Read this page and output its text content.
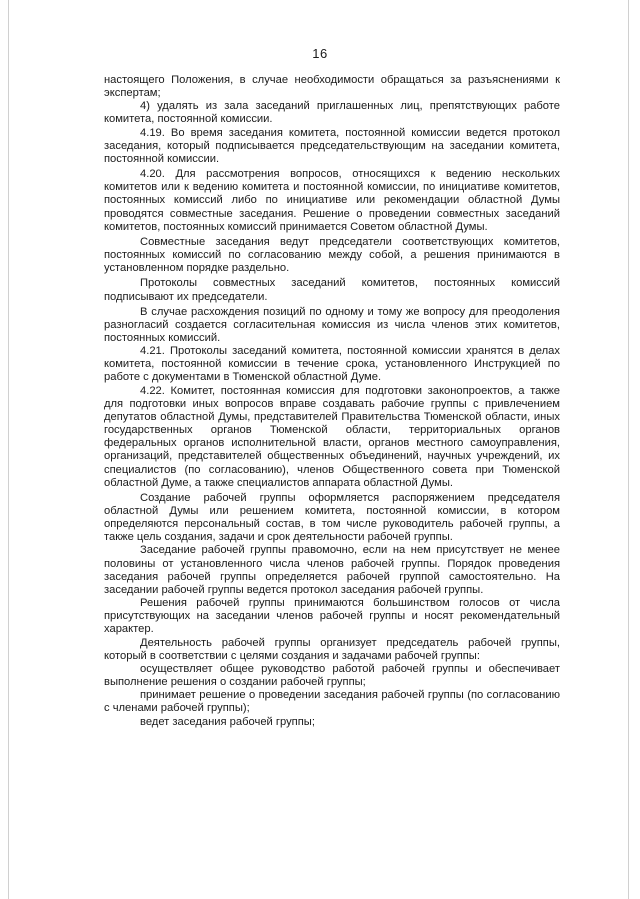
16

настоящего Положения, в случае необходимости обращаться за разъяснениями к экспертам;

4) удалять из зала заседаний приглашенных лиц, препятствующих работе комитета, постоянной комиссии.

4.19. Во время заседания комитета, постоянной комиссии ведется протокол заседания, который подписывается председательствующим на заседании комитета, постоянной комиссии.

4.20. Для рассмотрения вопросов, относящихся к ведению нескольких комитетов или к ведению комитета и постоянной комиссии, по инициативе комитетов, постоянных комиссий либо по инициативе или рекомендации областной Думы проводятся совместные заседания. Решение о проведении совместных заседаний комитетов, постоянных комиссий принимается Советом областной Думы.

Совместные заседания ведут председатели соответствующих комитетов, постоянных комиссий по согласованию между собой, а решения принимаются в установленном порядке раздельно.

Протоколы совместных заседаний комитетов, постоянных комиссий подписывают их председатели.

В случае расхождения позиций по одному и тому же вопросу для преодоления разногласий создается согласительная комиссия из числа членов этих комитетов, постоянных комиссий.

4.21. Протоколы заседаний комитета, постоянной комиссии хранятся в делах комитета, постоянной комиссии в течение срока, установленного Инструкцией по работе с документами в Тюменской областной Думе.

4.22. Комитет, постоянная комиссия для подготовки законопроектов, а также для подготовки иных вопросов вправе создавать рабочие группы с привлечением депутатов областной Думы, представителей Правительства Тюменской области, иных государственных органов Тюменской области, территориальных органов федеральных органов исполнительной власти, органов местного самоуправления, организаций, представителей общественных объединений, научных учреждений, их специалистов (по согласованию), членов Общественного совета при Тюменской областной Думе, а также специалистов аппарата областной Думы.

Создание рабочей группы оформляется распоряжением председателя областной Думы или решением комитета, постоянной комиссии, в котором определяются персональный состав, в том числе руководитель рабочей группы, а также цель создания, задачи и срок деятельности рабочей группы.

Заседание рабочей группы правомочно, если на нем присутствует не менее половины от установленного числа членов рабочей группы. Порядок проведения заседания рабочей группы определяется рабочей группой самостоятельно. На заседании рабочей группы ведется протокол заседания рабочей группы.

Решения рабочей группы принимаются большинством голосов от числа присутствующих на заседании членов рабочей группы и носят рекомендательный характер.

Деятельность рабочей группы организует председатель рабочей группы, который в соответствии с целями создания и задачами рабочей группы:

осуществляет общее руководство работой рабочей группы и обеспечивает выполнение решения о создании рабочей группы;

принимает решение о проведении заседания рабочей группы (по согласованию с членами рабочей группы);

ведет заседания рабочей группы;
